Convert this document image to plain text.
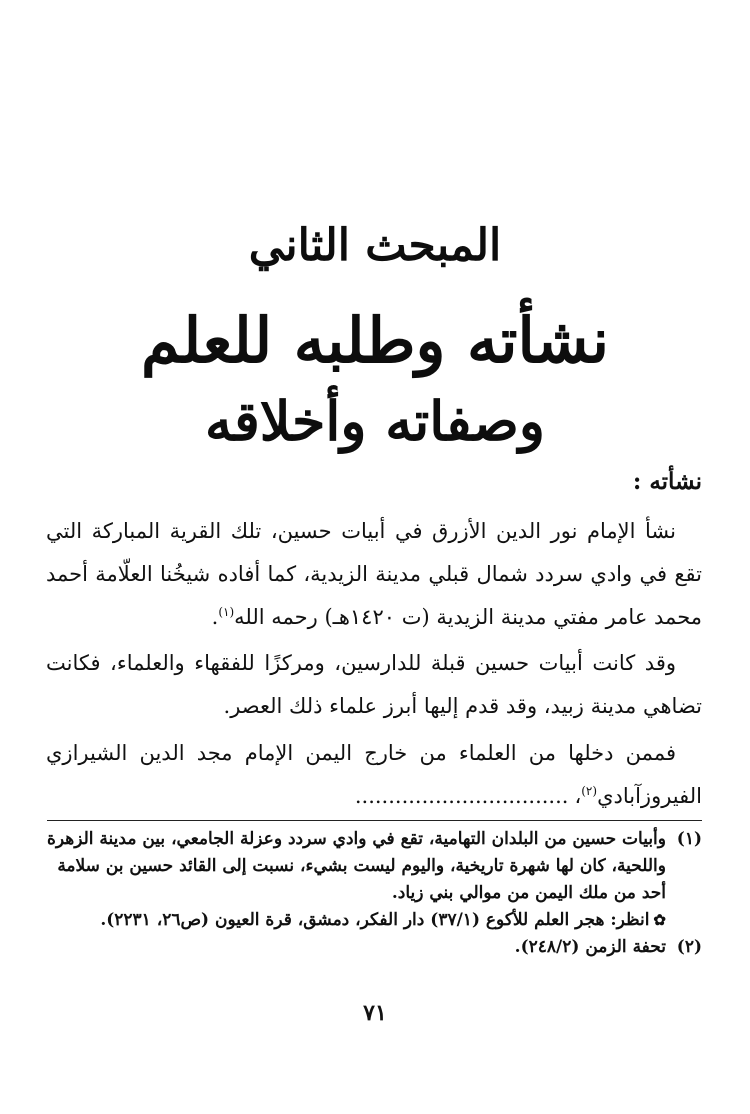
المبحث الثاني
نشأته وطلبه للعلم
وصفاته وأخلاقه
نشأته :

نشأ الإمام نور الدين الأزرق في أبيات حسين، تلك القرية المباركة التي تقع في وادي سردد شمال قبلي مدينة الزيدية، كما أفاده شيخُنا العلّامة أحمد محمد عامر مفتي مدينة الزيدية (ت ١٤٢٠هـ) رحمه الله$^{(١)}$.

وقد كانت أبيات حسين قبلة للدارسين، ومركزًا للفقهاء والعلماء، فكانت تضاهي مدينة زبيد، وقد قدم إليها أبرز علماء ذلك العصر.

فممن دخلها من العلماء من خارج اليمن الإمام مجد الدين الشيرازي الفيروزآبادي$^{(٢)}$،................................

(١)
وأبيات حسين من البلدان التهامية، تقع في وادي سردد وعزلة الجامعي، بين مدينة الزهرة واللحية، كان لها شهرة تاريخية، واليوم ليست بشيء، نسبت إلى القائد حسين بن سلامة أحد من ملك اليمن من موالي بني زياد.
✿انظر: هجر العلم للأكوع (٣٧/١) دار الفكر، دمشق، قرة العيون (ص٢٦، ٢٢٣١).
(٢)
تحفة الزمن (٢٤٨/٢).
٧١
